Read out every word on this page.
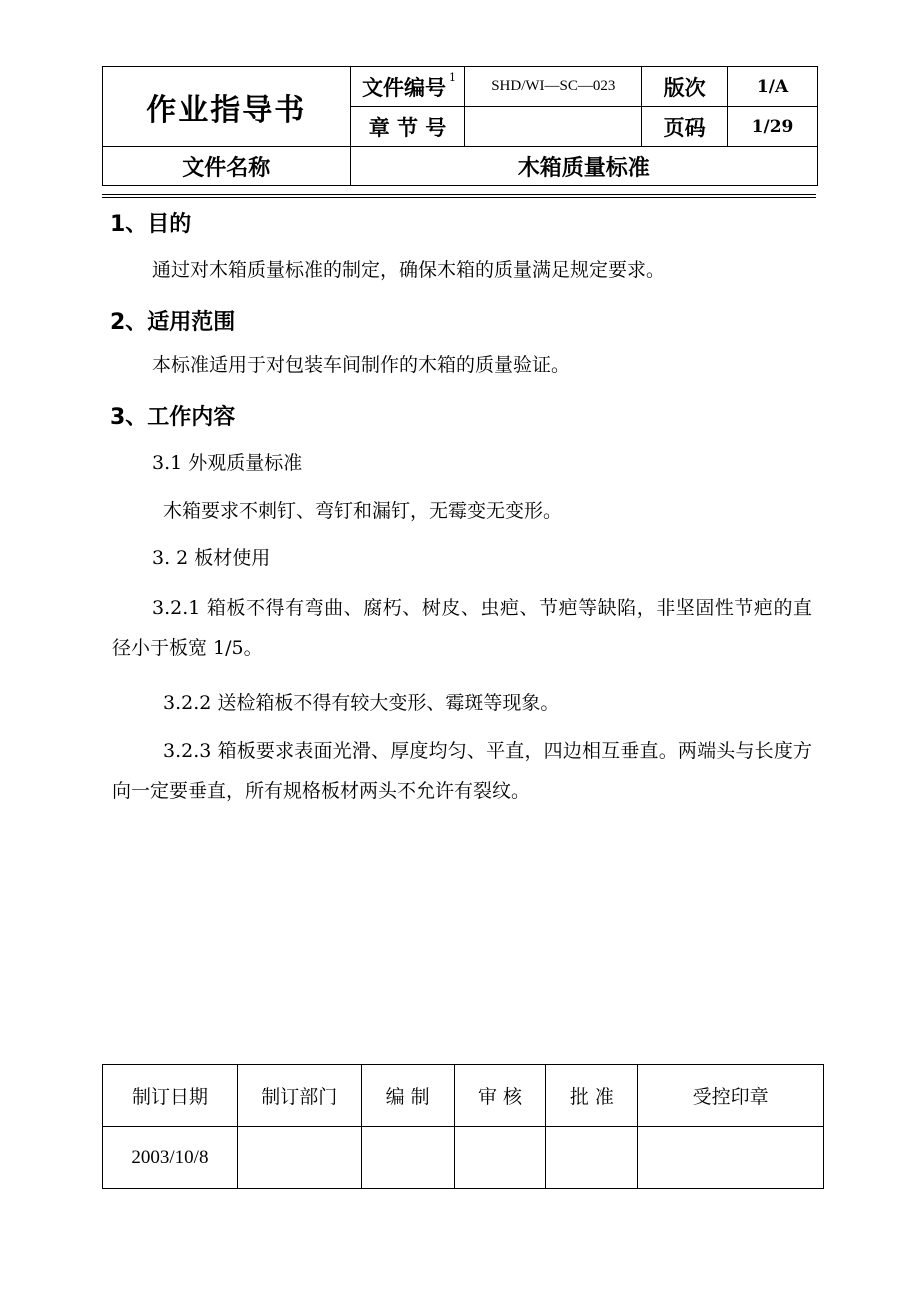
作业指导书	文件编号 $^1$	SHD/WI—SC—023	版次	1/A
	章 节 号		页码	1/29
文件名称	木箱质量标准			
1、目的

通过对木箱质量标准的制定，确保木箱的质量满足规定要求。

2、适用范围

本标准适用于对包装车间制作的木箱的质量验证。

3、工作内容

3.1 外观质量标准

木箱要求不刺钉、弯钉和漏钉，无霉变无变形。

3. 2 板材使用

3.2.1 箱板不得有弯曲、腐朽、树皮、虫疤、节疤等缺陷，非坚固性节疤的直径小于板宽 1/5。

3.2.2 送检箱板不得有较大变形、霉斑等现象。

3.2.3 箱板要求表面光滑、厚度均匀、平直，四边相互垂直。两端头与长度方向一定要垂直，所有规格板材两头不允许有裂纹。

制订日期	制订部门	编 制	审 核	批 准	受控印章
2003/10/8					
